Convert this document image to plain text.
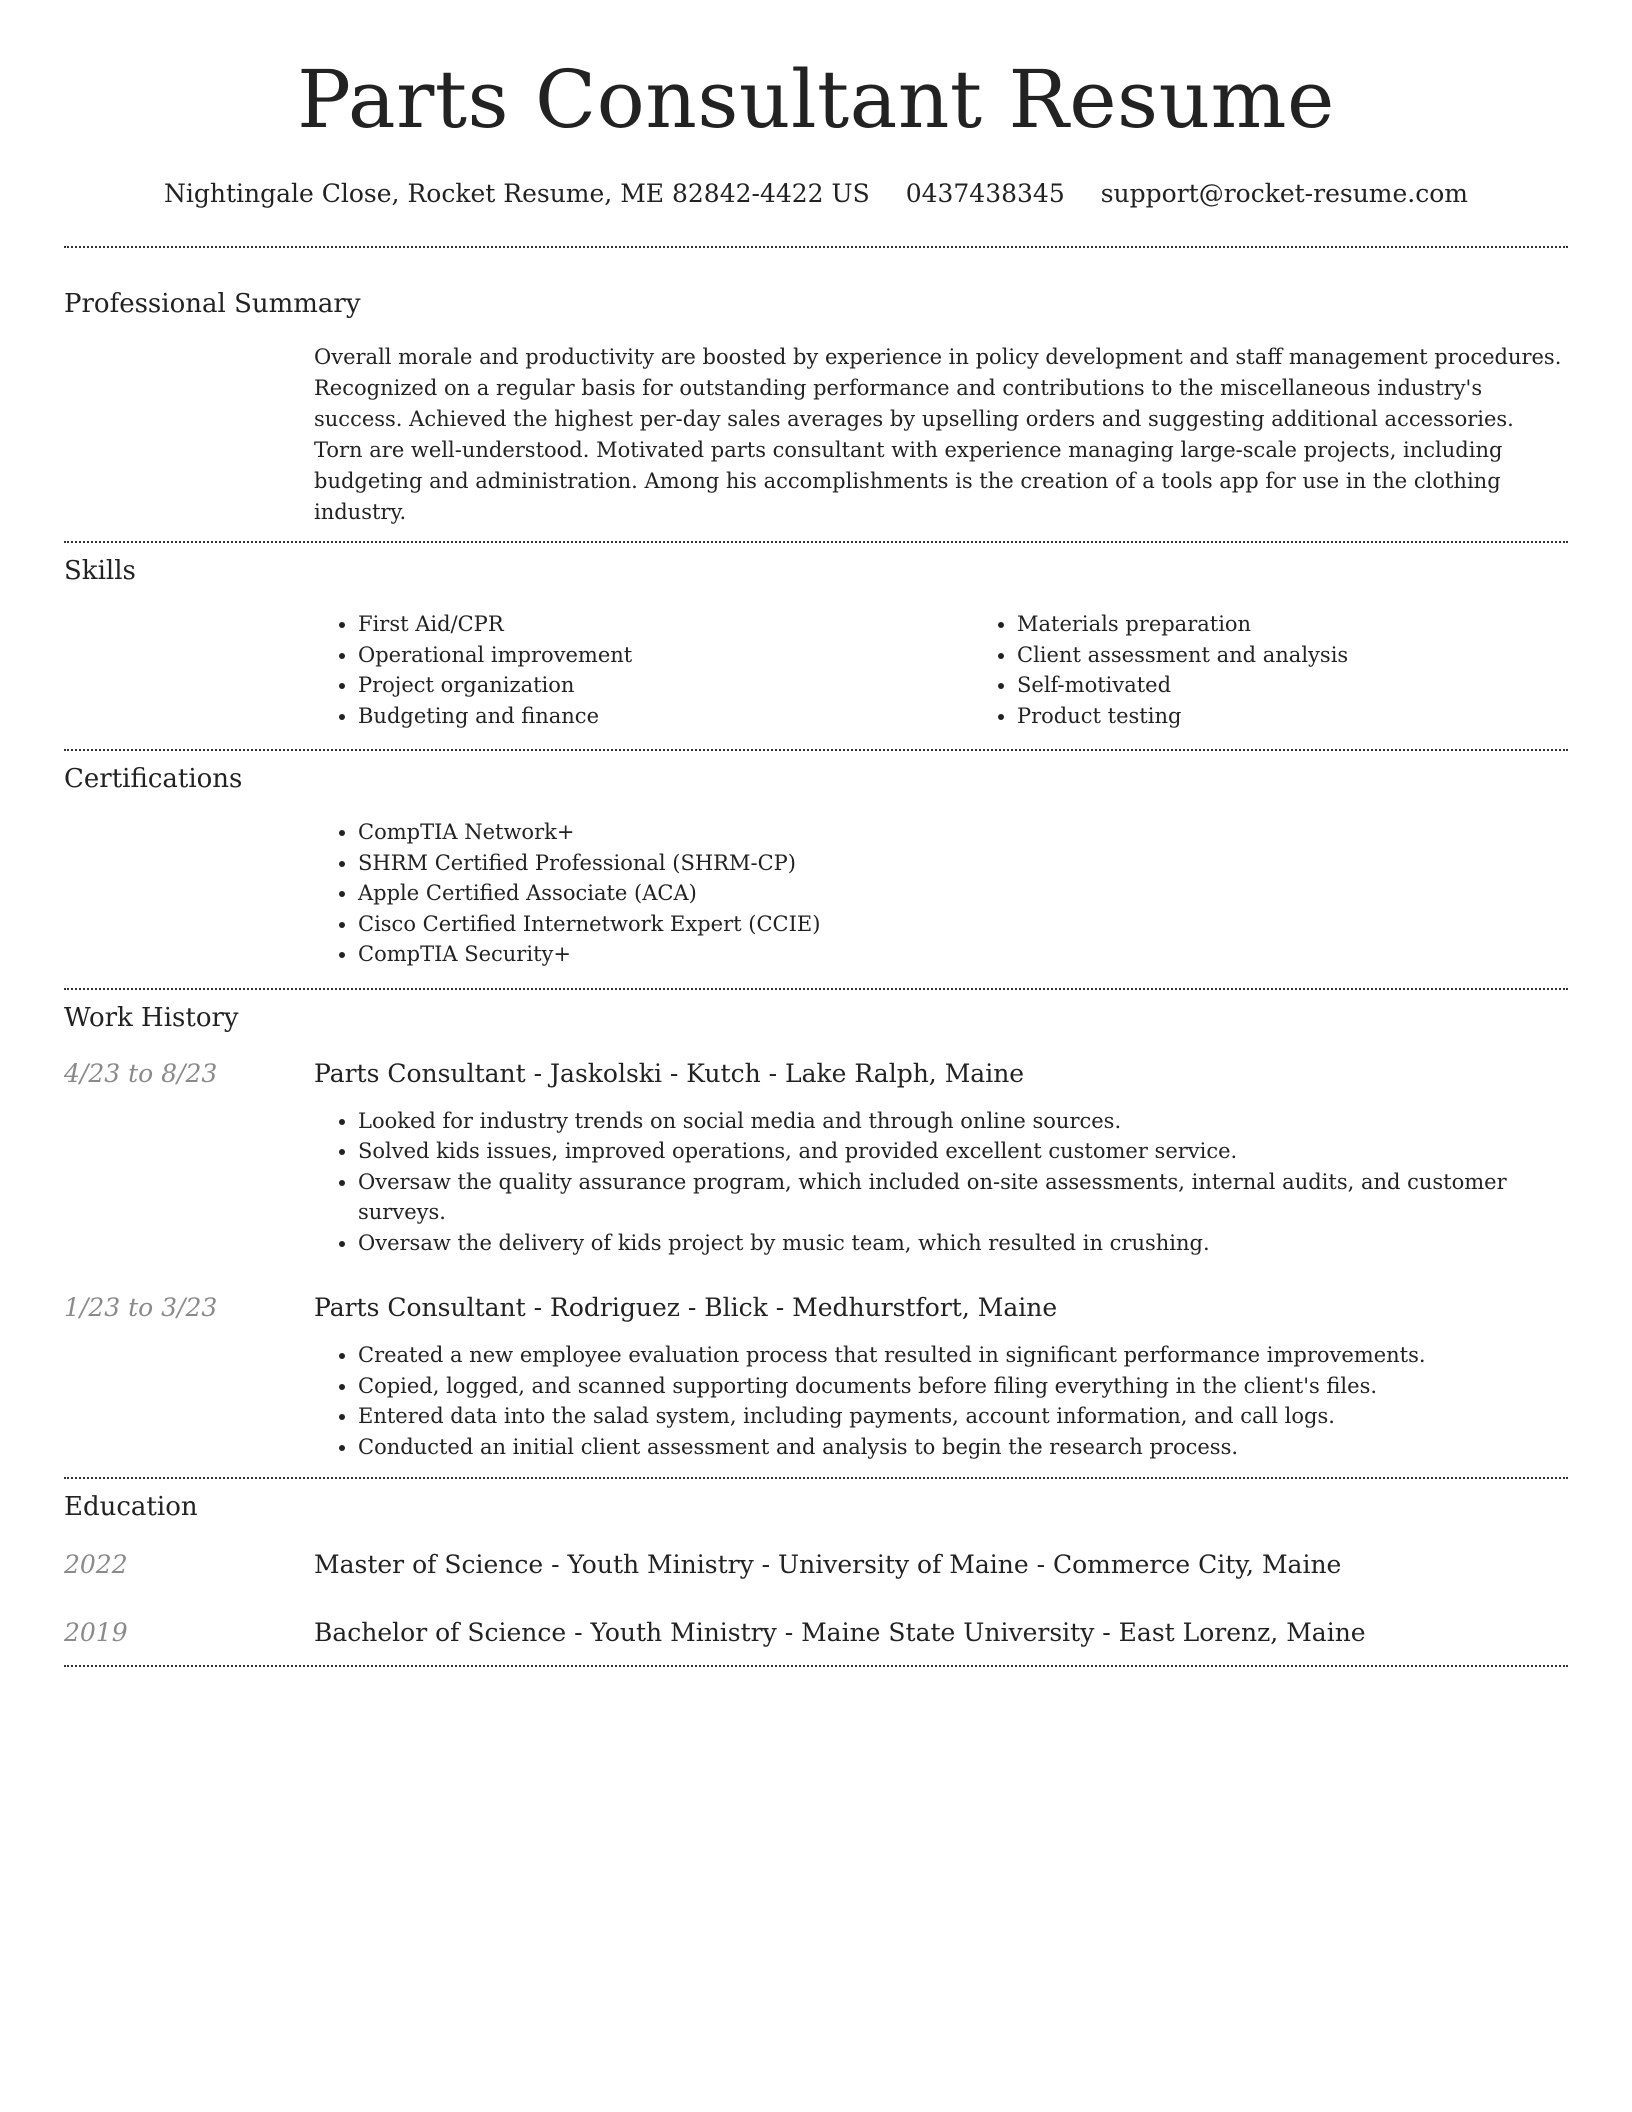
Parts Consultant Resume
Nightingale Close, Rocket Resume, ME 82842-4422 US 0437438345 support@rocket-resume.com
Professional Summary

Overall morale and productivity are boosted by experience in policy development and staff management procedures. Recognized on a regular basis for outstanding performance and contributions to the miscellaneous industry's success. Achieved the highest per-day sales averages by upselling orders and suggesting additional accessories. Torn are well-understood. Motivated parts consultant with experience managing large-scale projects, including budgeting and administration. Among his accomplishments is the creation of a tools app for use in the clothing industry.

Skills
• First Aid/CPR
• Operational improvement
• Project organization
• Budgeting and finance
• Materials preparation
• Client assessment and analysis
• Self-motivated
• Product testing
Certifications
• CompTIA Network+
• SHRM Certified Professional (SHRM-CP)
• Apple Certified Associate (ACA)
• Cisco Certified Internetwork Expert (CCIE)
• CompTIA Security+
Work History
4/23 to 8/23	Parts Consultant - Jaskolski - Kutch - Lake Ralph, Maine
• Looked for industry trends on social media and through online sources.
• Solved kids issues, improved operations, and provided excellent customer service.
• Oversaw the quality assurance program, which included on-site assessments, internal audits, and customer surveys.
• Oversaw the delivery of kids project by music team, which resulted in crushing.
1/23 to 3/23	Parts Consultant - Rodriguez - Blick - Medhurstfort, Maine
• Created a new employee evaluation process that resulted in significant performance improvements.
• Copied, logged, and scanned supporting documents before filing everything in the client's files.
• Entered data into the salad system, including payments, account information, and call logs.
• Conducted an initial client assessment and analysis to begin the research process.
Education
2022	Master of Science - Youth Ministry - University of Maine - Commerce City, Maine
2019	Bachelor of Science - Youth Ministry - Maine State University - East Lorenz, Maine
